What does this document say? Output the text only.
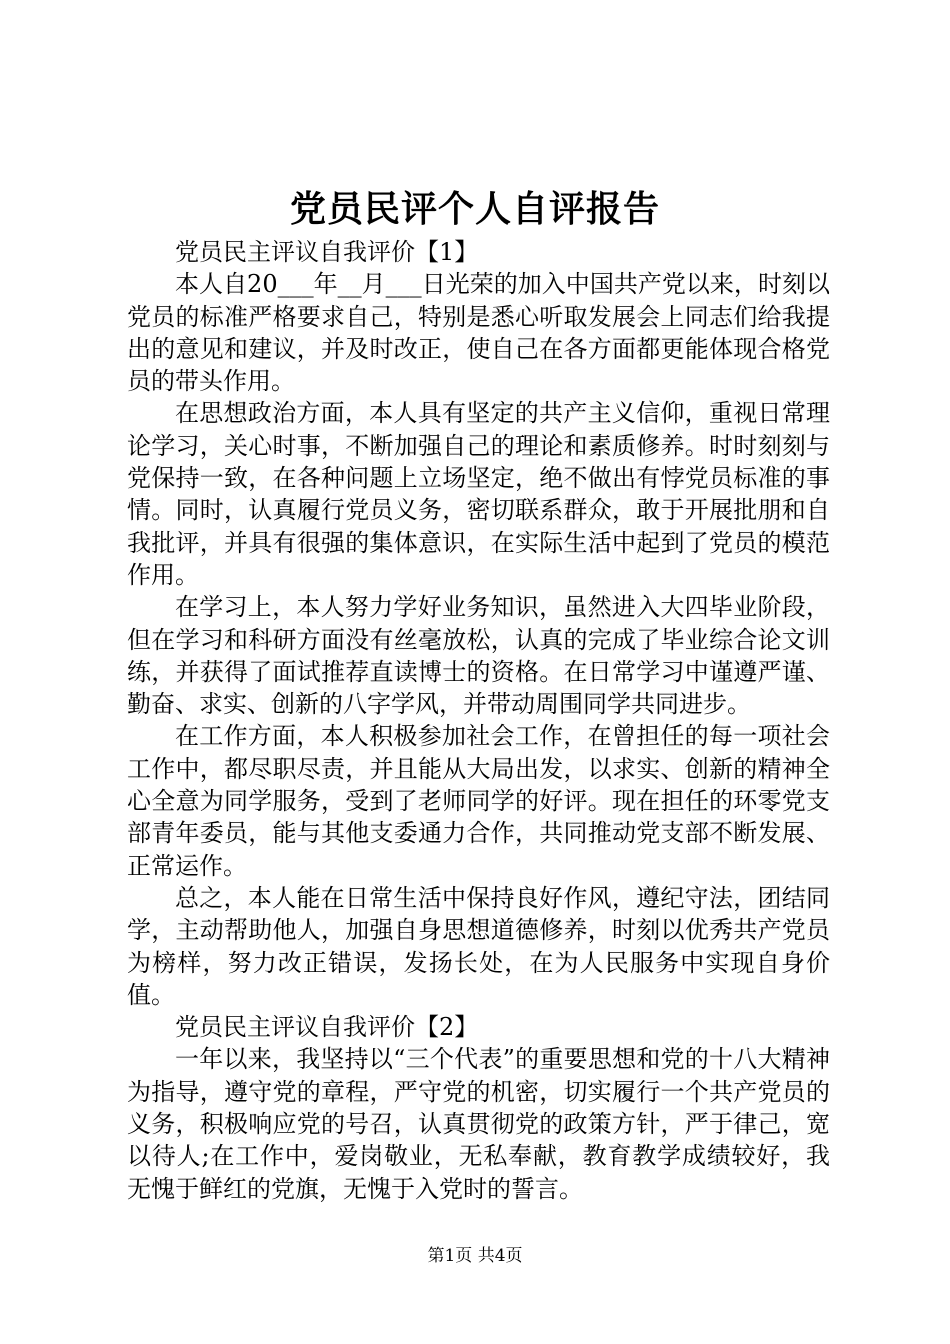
党员民评个人自评报告

党员民主评议自我评价【1】

本人自20___年__月___日光荣的加入中国共产党以来，时刻以党员的标准严格要求自己，特别是悉心听取发展会上同志们给我提出的意见和建议，并及时改正，使自己在各方面都更能体现合格党员的带头作用。

在思想政治方面，本人具有坚定的共产主义信仰，重视日常理论学习，关心时事，不断加强自己的理论和素质修养。时时刻刻与党保持一致，在各种问题上立场坚定，绝不做出有悖党员标准的事情。同时，认真履行党员义务，密切联系群众，敢于开展批朋和自我批评，并具有很强的集体意识，在实际生活中起到了党员的模范作用。

在学习上，本人努力学好业务知识，虽然进入大四毕业阶段，但在学习和科研方面没有丝毫放松，认真的完成了毕业综合论文训练，并获得了面试推荐直读博士的资格。在日常学习中谨遵严谨、勤奋、求实、创新的八字学风，并带动周围同学共同进步。

在工作方面，本人积极参加社会工作，在曾担任的每一项社会工作中，都尽职尽责，并且能从大局出发，以求实、创新的精神全心全意为同学服务，受到了老师同学的好评。现在担任的环零党支部青年委员，能与其他支委通力合作，共同推动党支部不断发展、正常运作。

总之，本人能在日常生活中保持良好作风，遵纪守法，团结同学，主动帮助他人，加强自身思想道德修养，时刻以优秀共产党员为榜样，努力改正错误，发扬长处，在为人民服务中实现自身价值。

党员民主评议自我评价【2】

一年以来，我坚持以“三个代表”的重要思想和党的十八大精神为指导，遵守党的章程，严守党的机密，切实履行一个共产党员的义务，积极响应党的号召，认真贯彻党的政策方针，严于律己，宽以待人;在工作中，爱岗敬业，无私奉献，教育教学成绩较好，我无愧于鲜红的党旗，无愧于入党时的誓言。

第1页 共4页
